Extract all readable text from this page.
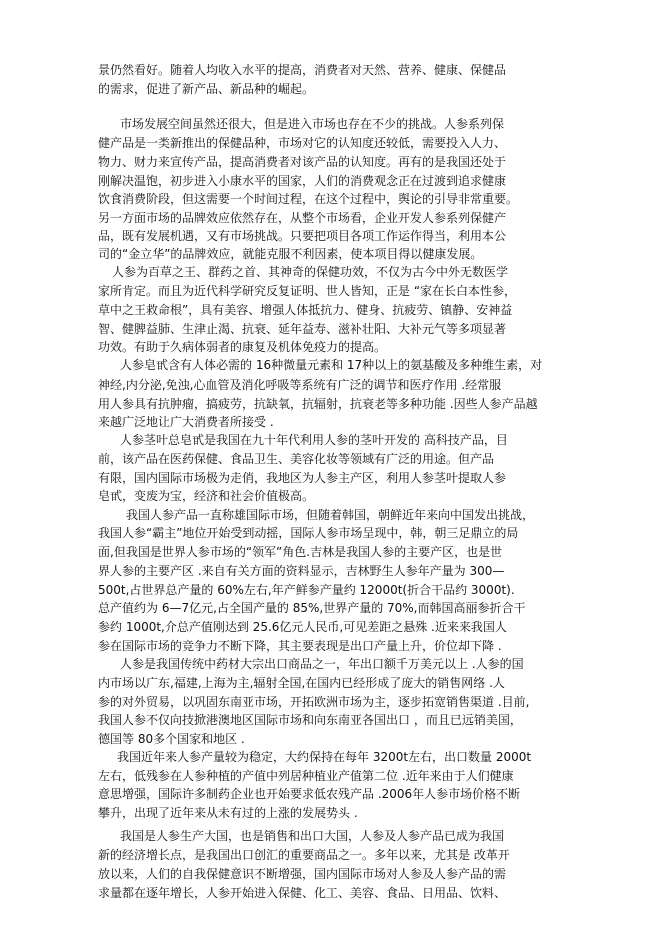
景仍然看好。随着人均收入水平的提高，消费者对天然、营养、健康、保健品
的需求，促进了新产品、新品种的崛起。
市场发展空间虽然还很大，但是进入市场也存在不少的挑战。人参系列保
健产品是一类新推出的保健品种，市场对它的认知度还较低，需要投入人力、
物力、财力来宣传产品，提高消费者对该产品的认知度。再有的是我国还处于
刚解决温饱，初步进入小康水平的国家，人们的消费观念正在过渡到追求健康
饮食消费阶段，但这需要一个时间过程，在这个过程中，舆论的引导非常重要。
另一方面市场的品牌效应依然存在，从整个市场看，企业开发人参系列保健产
品，既有发展机遇，又有市场挑战。只要把项目各项工作运作得当，利用本公
司的“金立华”的品牌效应，就能克服不利因素，使本项目得以健康发展。
人参为百草之王、群药之首、其神奇的保健功效，不仅为古今中外无数医学
家所肯定。而且为近代科学研究反复证明、世人皆知，正是 “家在长白本性参，
草中之王救命根”，具有美容、增强人体抵抗力、健身、抗疲劳、镇静、安神益
智、健脾益肺、生津止渴、抗衰、延年益寿、滋补壮阳、大补元气等多项显著
功效。有助于久病体弱者的康复及机体免疫力的提高。
人参皂甙含有人体必需的 16种微量元素和 17种以上的氨基酸及多种维生素，对
神经,内分泌,免浊,心血管及消化呼吸等系统有广泛的调节和医疗作用 .经常服
用人参具有抗肿瘤，搞疲劳，抗缺氧，抗辐射，抗衰老等多种功能 .因些人参产品越
来越广泛地让广大消费者所接受 .
人参茎叶总皂甙是我国在九十年代利用人参的茎叶开发的 高科技产品，目
前，该产品在医药保健、食品卫生、美容化妆等领域有广泛的用途。但产品
有限，国内国际市场极为走俏，我地区为人参主产区，利用人参茎叶提取人参
皂甙，变废为宝，经济和社会价值极高。
我国人参产品一直称雄国际市场，但随着韩国，朝鲜近年来向中国发出挑战，
我国人参“霸主”地位开始受到动摇，国际人参市场呈现中，韩，朝三足鼎立的局
面,但我国是世界人参市场的“领军”角色.吉林是我国人参的主要产区，也是世
界人参的主要产区 .来自有关方面的资料显示，吉林野生人参年产量为 300—
500t,占世界总产量的 60%左右,年产鲜参产量约 12000t(折合干品约 3000t).
总产值约为 6—7亿元,占全国产量的 85%,世界产量的 70%,而韩国高丽参折合干
参约 1000t,介总产值刚达到 25.6亿元人民币,可见差距之悬殊 .近来来我国人
参在国际市场的竞争力不断下降，其主要表现是出口产量上升，价位却下降 .
人参是我国传统中药材大宗出口商品之一，年出口额千万美元以上 .人参的国
内市场以广东,福建,上海为主,辐射全国,在国内已经形成了庞大的销售网络 .人
参的对外贸易，以巩固东南亚市场，开拓欧洲市场为主，逐步拓宽销售渠道 .目前,
我国人参不仅向技掀港澳地区国际市场和向东南亚各国出口 ，而且已远销美国，
德国等 80多个国家和地区 .
我国近年来人参产量较为稳定，大约保持在每年 3200t左右，出口数量 2000t
左右，低残参在人参种植的产值中列居种植业产值第二位 .近年来由于人们健康
意思增强，国际许多制药企业也开始要求低农残产品 .2006年人参市场价格不断
攀升，出现了近年来从未有过的上涨的发展势头 .
我国是人参生产大国，也是销售和出口大国，人参及人参产品已成为我国
新的经济增长点，是我国出口创汇的重要商品之一。多年以来，尤其是 改革开
放以来，人们的自我保健意识不断增强，国内国际市场对人参及人参产品的需
求量都在逐年增长，人参开始进入保健、化工、美容、食品、日用品、饮料、
